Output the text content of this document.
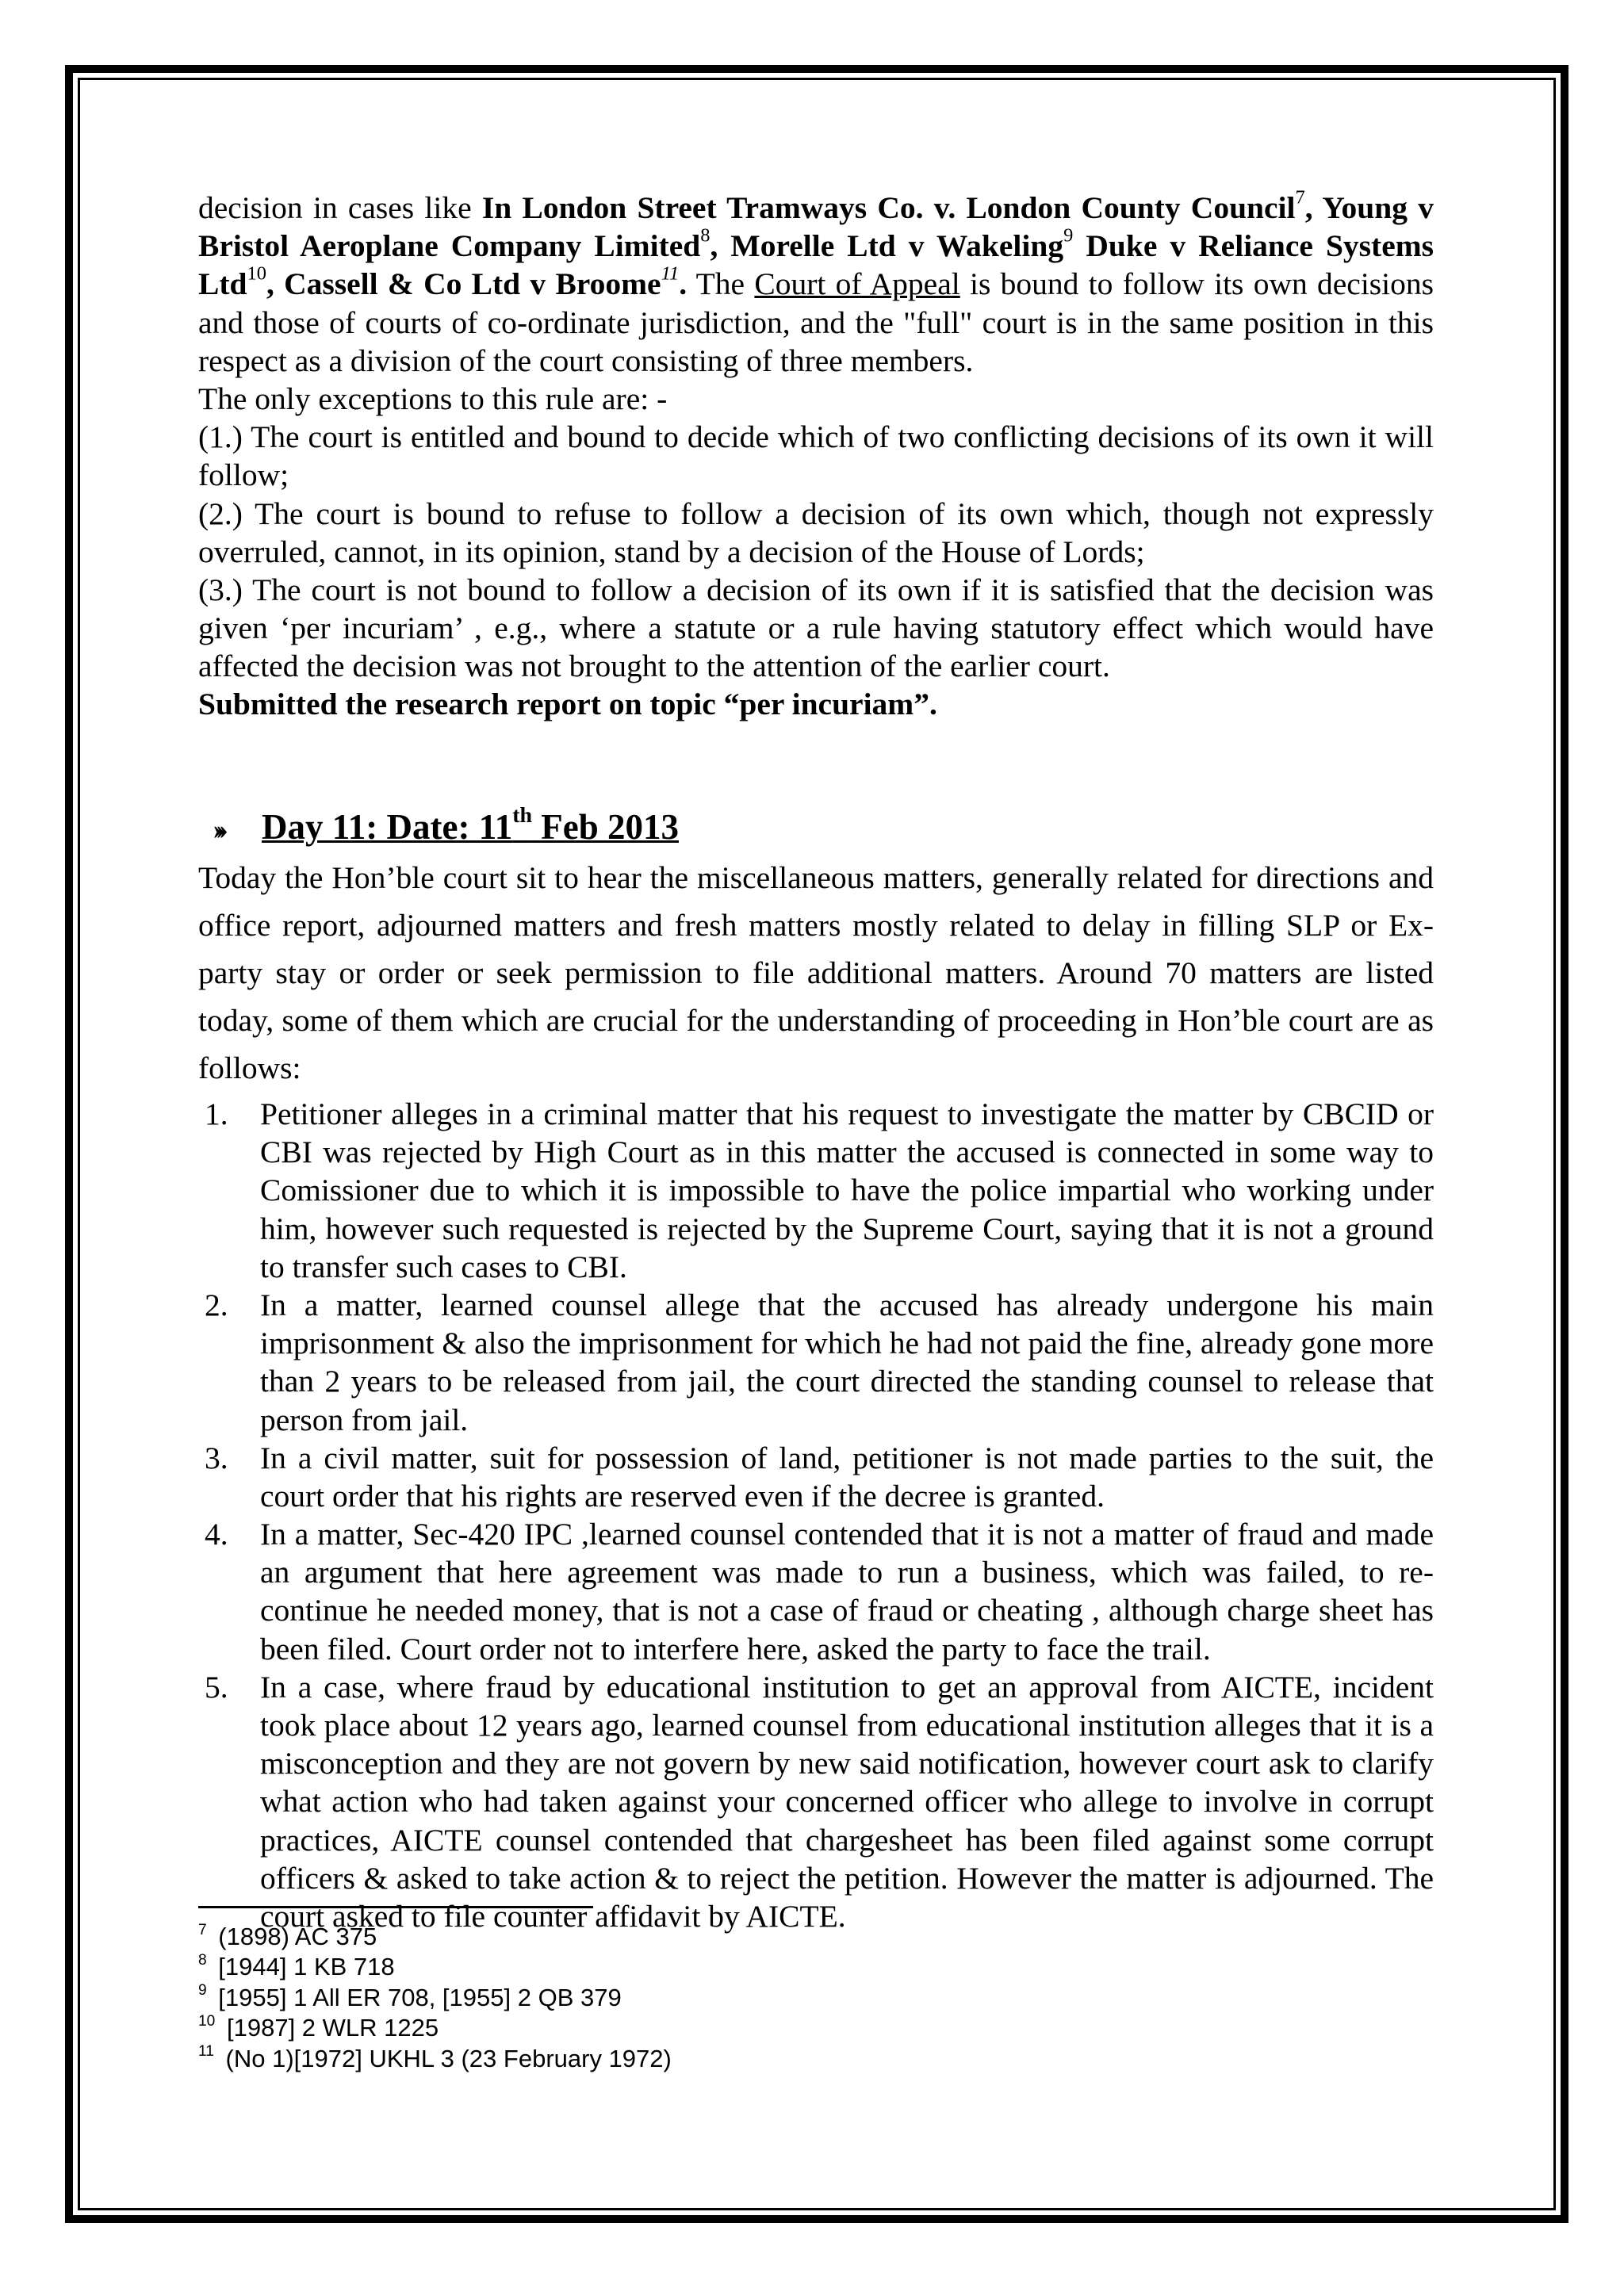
decision in cases like In London Street Tramways Co. v. London County Council$^7$, Young v Bristol Aeroplane Company Limited$^8$, Morelle Ltd v Wakeling$^9$ Duke v Reliance Systems Ltd$^{10}$, Cassell & Co Ltd v Broome$^{11}$. The Court of Appeal is bound to follow its own decisions and those of courts of co-ordinate jurisdiction, and the "full" court is in the same position in this respect as a division of the court consisting of three members.

The only exceptions to this rule are: -

(1.) The court is entitled and bound to decide which of two conflicting decisions of its own it will follow;

(2.) The court is bound to refuse to follow a decision of its own which, though not expressly overruled, cannot, in its opinion, stand by a decision of the House of Lords;

(3.) The court is not bound to follow a decision of its own if it is satisfied that the decision was given ‘per incuriam’ , e.g., where a statute or a rule having statutory effect which would have affected the decision was not brought to the attention of the earlier court.

Submitted the research report on topic “per incuriam”.

›››	Day 11: Date: 11th Feb 2013

Today the Hon’ble court sit to hear the miscellaneous matters, generally related for directions and office report, adjourned matters and fresh matters mostly related to delay in filling SLP or Ex-party stay or order or seek permission to file additional matters. Around 70 matters are listed today, some of them which are crucial for the understanding of proceeding in Hon’ble court are as follows:

1.	Petitioner alleges in a criminal matter that his request to investigate the matter by CBCID or CBI was rejected by High Court as in this matter the accused is connected in some way to Comissioner due to which it is impossible to have the police impartial who working under him, however such requested is rejected by the Supreme Court, saying that it is not a ground to transfer such cases to CBI.
2.	In a matter, learned counsel allege that the accused has already undergone his main imprisonment & also the imprisonment for which he had not paid the fine, already gone more than 2 years to be released from jail, the court directed the standing counsel to release that person from jail.
3.	In a civil matter, suit for possession of land, petitioner is not made parties to the suit, the court order that his rights are reserved even if the decree is granted.
4.	In a matter, Sec-420 IPC ,learned counsel contended that it is not a matter of fraud and made an argument that here agreement was made to run a business, which was failed, to re-continue he needed money, that is not a case of fraud or cheating , although charge sheet has been filed. Court order not to interfere here, asked the party to face the trail.
5.	In a case, where fraud by educational institution to get an approval from AICTE, incident took place about 12 years ago, learned counsel from educational institution alleges that it is a misconception and they are not govern by new said notification, however court ask to clarify what action who had taken against your concerned officer who allege to involve in corrupt practices, AICTE counsel contended that chargesheet has been filed against some corrupt officers & asked to take action & to reject the petition. However the matter is adjourned. The court asked to file counter affidavit by AICTE.
$^7$ (1898) AC 375
$^8$ [1944] 1 KB 718
$^9$ [1955] 1 All ER 708, [1955] 2 QB 379
$^{10}$ [1987] 2 WLR 1225
$^{11}$ (No 1)[1972] UKHL 3 (23 February 1972)
